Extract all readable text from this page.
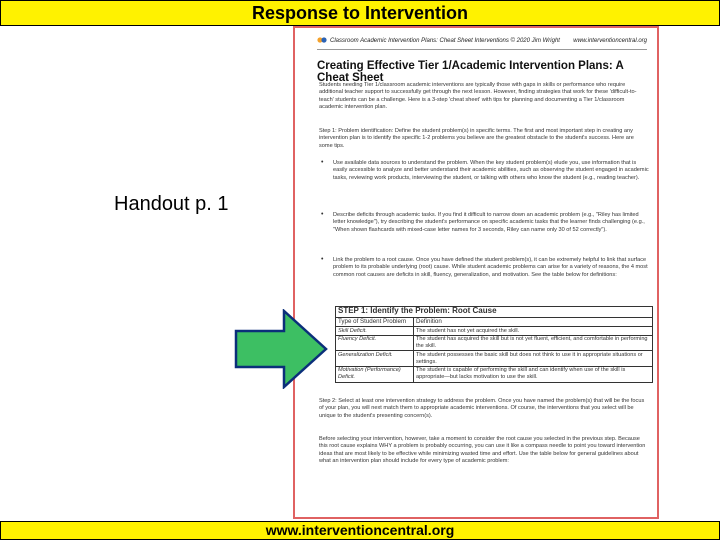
Response to Intervention
Handout p. 1
Classroom Academic Intervention Plans: Cheat Sheet Interventions © 2020 Jim Wright www.interventioncentral.org
Creating Effective Tier 1/Academic Intervention Plans: A Cheat Sheet
Students needing Tier 1/classroom academic interventions are typically those with gaps in skills or performance who require additional teacher support to successfully get through the next lesson. However, finding strategies that work for these 'difficult-to-teach' students can be a challenge. Here is a 3-step 'cheat sheet' with tips for planning and documenting a Tier 1/classroom academic intervention plan.
Step 1: Problem identification: Define the student problem(s) in specific terms. The first and most important step in creating any intervention plan is to identify the specific 1-2 problems you believe are the greatest obstacle to the student's success. Here are some tips.
• Use available data sources to understand the problem. When the key student problem(s) elude you, use information that is easily accessible to analyze and better understand their academic abilities, such as observing the student engaged in academic tasks, reviewing work products, interviewing the student, or talking with others who know the student (e.g., reading teacher).
• Describe deficits through academic tasks. If you find it difficult to narrow down an academic problem (e.g., "Riley has limited letter knowledge"), try describing the student's performance on specific academic tasks that the learner finds challenging (e.g., "When shown flashcards with mixed-case letter names for 3 seconds, Riley can name only 30 of 52 correctly").
• Link the problem to a root cause. Once you have defined the student problem(s), it can be extremely helpful to link that surface problem to its probable underlying (root) cause. While student academic problems can arise for a variety of reasons, the 4 most common root causes are deficits in skill, fluency, generalization, and motivation. See the table below for definitions:
STEP 1: Identify the Problem: Root Cause	
Type of Student Problem	Definition
Skill Deficit.	The student has not yet acquired the skill.
Fluency Deficit.	The student has acquired the skill but is not yet fluent, efficient, and comfortable in performing the skill.
Generalization Deficit.	The student possesses the basic skill but does not think to use it in appropriate situations or settings.
Motivation (Performance) Deficit.	The student is capable of performing the skill and can identify when use of the skill is appropriate—but lacks motivation to use the skill.
Step 2: Select at least one intervention strategy to address the problem. Once you have named the problem(s) that will be the focus of your plan, you will next match them to appropriate academic interventions. Of course, the interventions that you select will be unique to the student's presenting concern(s).
Before selecting your intervention, however, take a moment to consider the root cause you selected in the previous step. Because this root cause explains WHY a problem is probably occurring, you can use it like a compass needle to point you toward intervention ideas that are most likely to be effective while minimizing wasted time and effort. Use the table below for general guidelines about what an intervention plan should include for every type of academic problem:
www.interventioncentral.org
